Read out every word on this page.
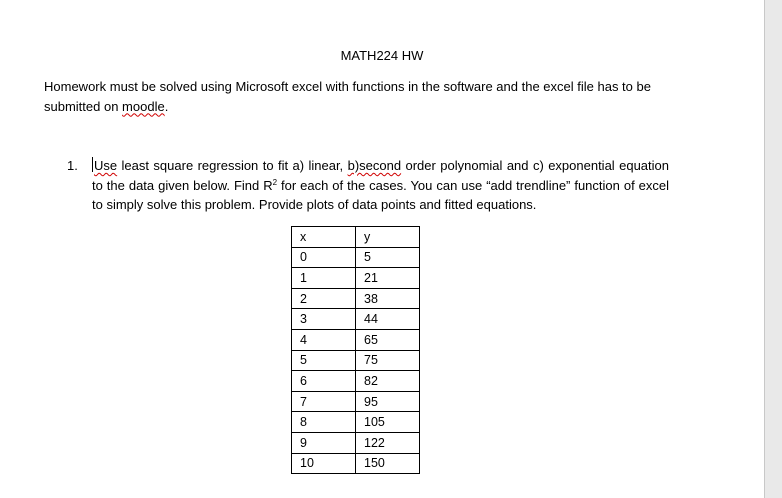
MATH224 HW
Homework must be solved using Microsoft excel with functions in the software and the excel file has to be submitted on moodle.
1. Use least square regression to fit a) linear, b)second order polynomial and c) exponential equation to the data given below. Find $R^2$ for each of the cases. You can use “add trendline” function of excel to simply solve this problem. Provide plots of data points and fitted equations.
x	y
0	5
1	21
2	38
3	44
4	65
5	75
6	82
7	95
8	105
9	122
10	150
